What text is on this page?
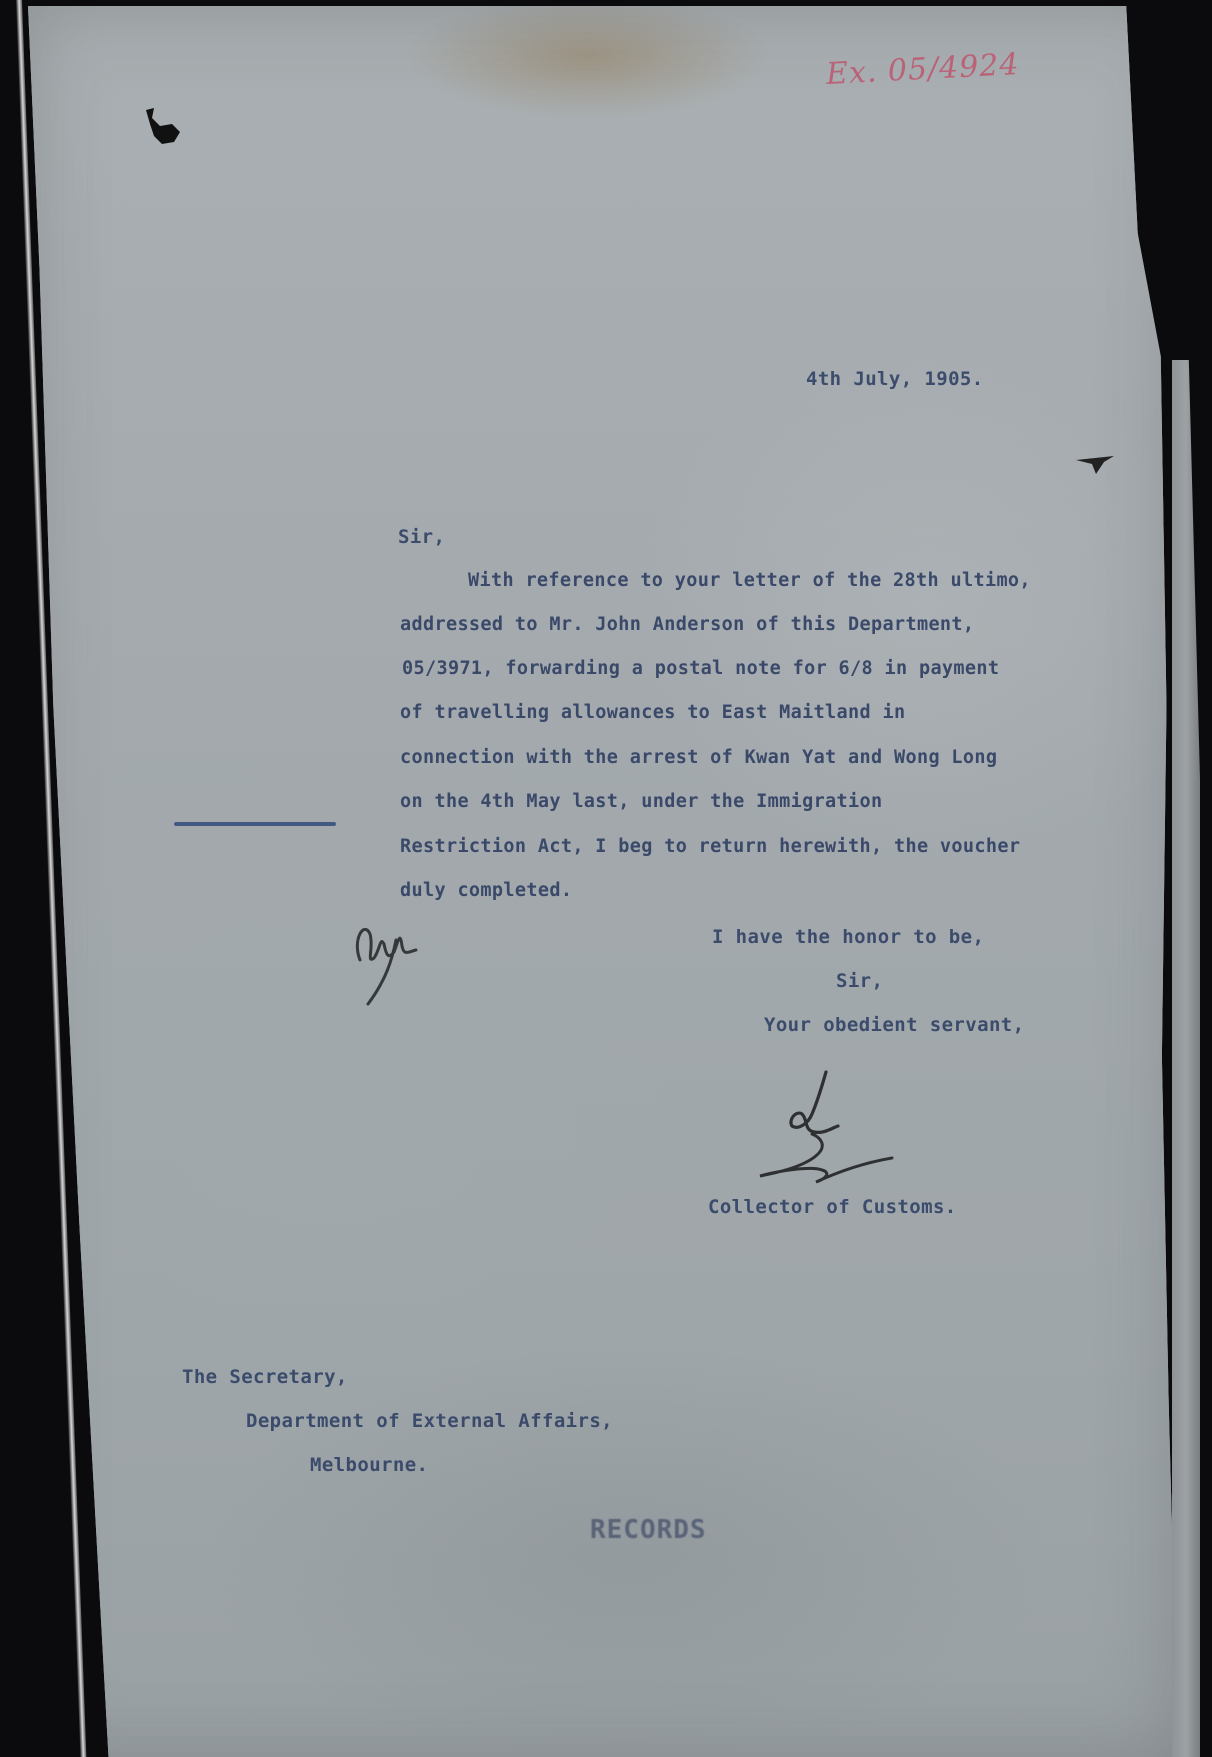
Ex. 05/4924
4th July, 1905.
Sir,
With reference to your letter of the 28th ultimo,
addressed to Mr. John Anderson of this Department,
05/3971, forwarding a postal note for 6/8 in payment
of travelling allowances to East Maitland in
connection with the arrest of Kwan Yat and Wong Long
on the 4th May last, under the Immigration
Restriction Act, I beg to return herewith, the voucher
duly completed.
I have the honor to be,
Sir,
Your obedient servant,
Collector of Customs.
The Secretary,
Department of External Affairs,
Melbourne.
RECORDS
